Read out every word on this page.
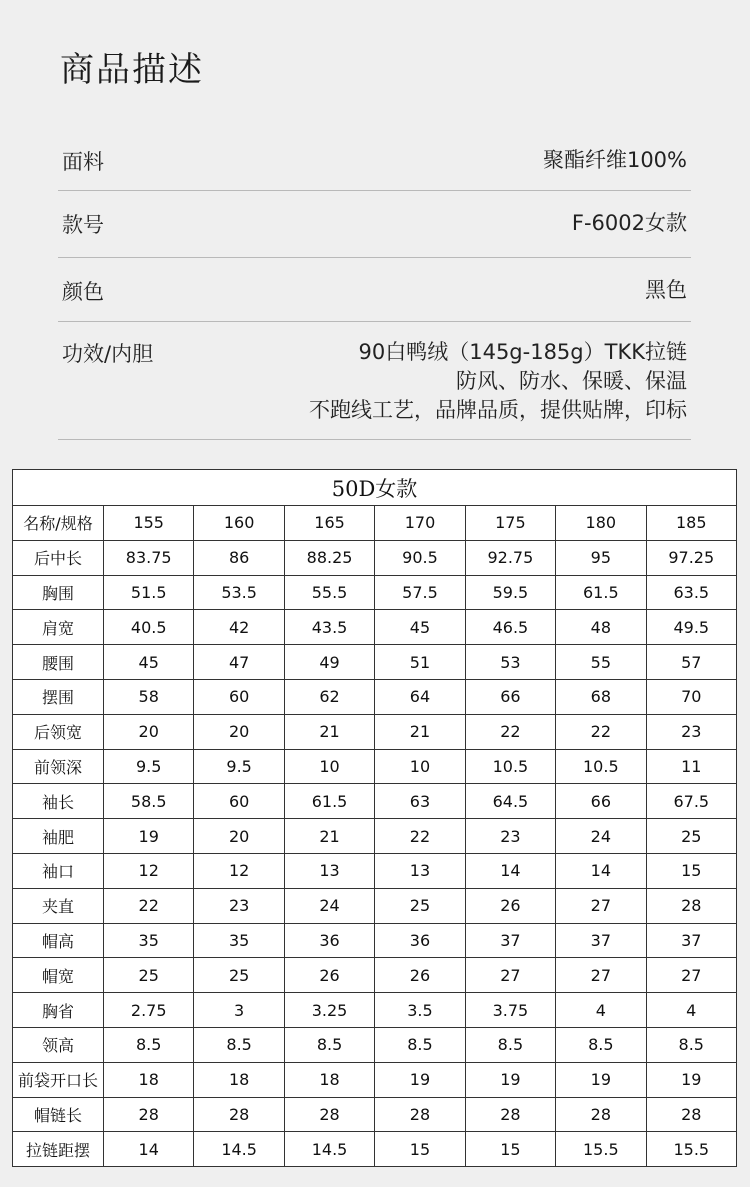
商品描述
面料	聚酯纤维100%
款号	F-6002女款
颜色	黑色
功效/内胆	90白鸭绒（145g-185g）TKK拉链
防风、防水、保暖、保温
不跑线工艺，品牌品质，提供贴牌，印标
50D女款							
名称/规格	155	160	165	170	175	180	185
后中长	83.75	86	88.25	90.5	92.75	95	97.25
胸围	51.5	53.5	55.5	57.5	59.5	61.5	63.5
肩宽	40.5	42	43.5	45	46.5	48	49.5
腰围	45	47	49	51	53	55	57
摆围	58	60	62	64	66	68	70
后领宽	20	20	21	21	22	22	23
前领深	9.5	9.5	10	10	10.5	10.5	11
袖长	58.5	60	61.5	63	64.5	66	67.5
袖肥	19	20	21	22	23	24	25
袖口	12	12	13	13	14	14	15
夹直	22	23	24	25	26	27	28
帽高	35	35	36	36	37	37	37
帽宽	25	25	26	26	27	27	27
胸省	2.75	3	3.25	3.5	3.75	4	4
领高	8.5	8.5	8.5	8.5	8.5	8.5	8.5
前袋开口长	18	18	18	19	19	19	19
帽链长	28	28	28	28	28	28	28
拉链距摆	14	14.5	14.5	15	15	15.5	15.5
